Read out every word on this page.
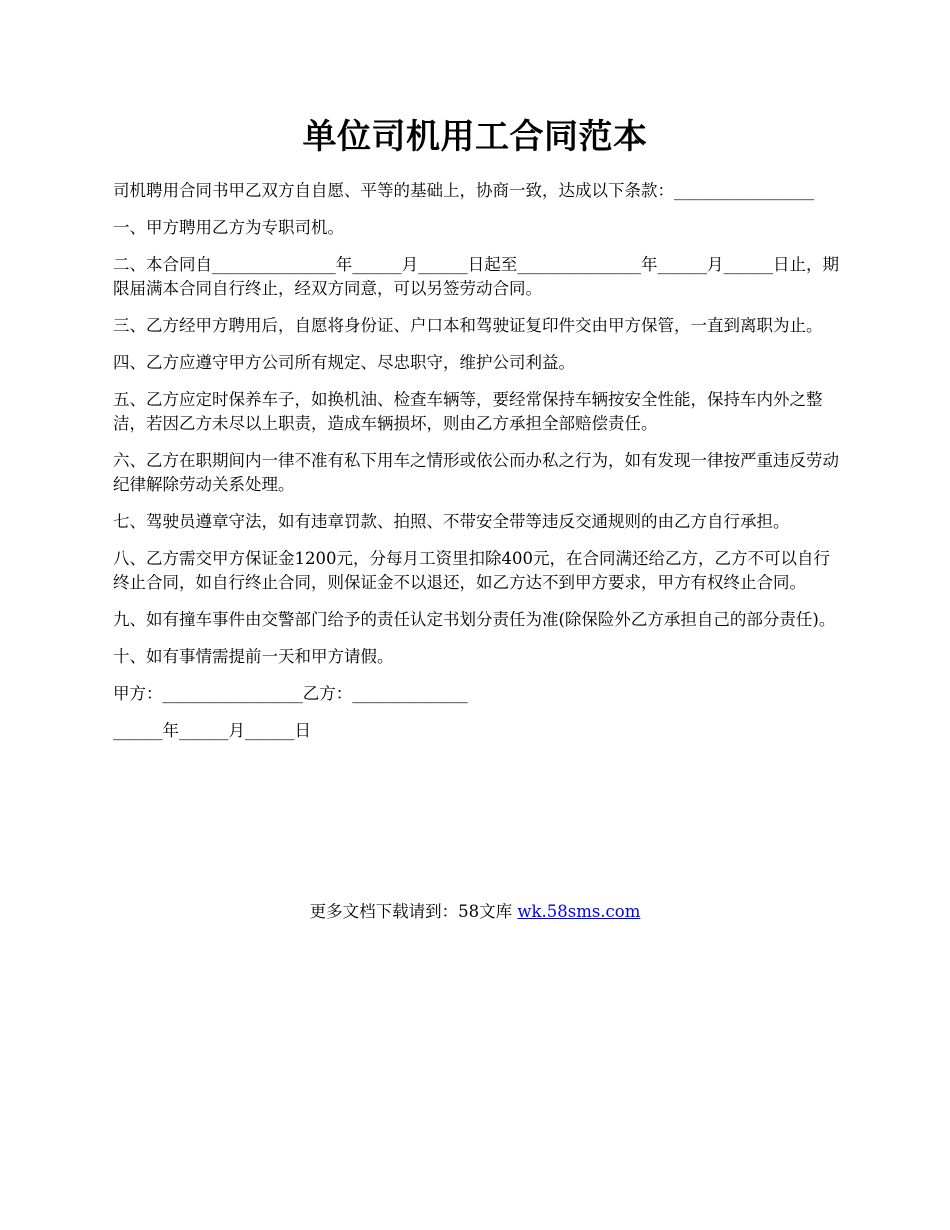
单位司机用工合同范本

司机聘用合同书甲乙双方自自愿、平等的基础上，协商一致，达成以下条款：_________________

一、甲方聘用乙方为专职司机。

二、本合同自_______________年______月______日起至_______________年______月______日止，期限届满本合同自行终止，经双方同意，可以另签劳动合同。

三、乙方经甲方聘用后，自愿将身份证、户口本和驾驶证复印件交由甲方保管，一直到离职为止。

四、乙方应遵守甲方公司所有规定、尽忠职守，维护公司利益。

五、乙方应定时保养车子，如换机油、检查车辆等，要经常保持车辆按安全性能，保持车内外之整洁，若因乙方未尽以上职责，造成车辆损坏，则由乙方承担全部赔偿责任。

六、乙方在职期间内一律不准有私下用车之情形或依公而办私之行为，如有发现一律按严重违反劳动纪律解除劳动关系处理。

七、驾驶员遵章守法，如有违章罚款、拍照、不带安全带等违反交通规则的由乙方自行承担。

八、乙方需交甲方保证金1200元，分每月工资里扣除400元，在合同满还给乙方，乙方不可以自行终止合同，如自行终止合同，则保证金不以退还，如乙方达不到甲方要求，甲方有权终止合同。

九、如有撞车事件由交警部门给予的责任认定书划分责任为准(除保险外乙方承担自己的部分责任)。

十、如有事情需提前一天和甲方请假。

甲方：_________________乙方：______________

______年______月______日

更多文档下载请到：58文库 wk.58sms.com
